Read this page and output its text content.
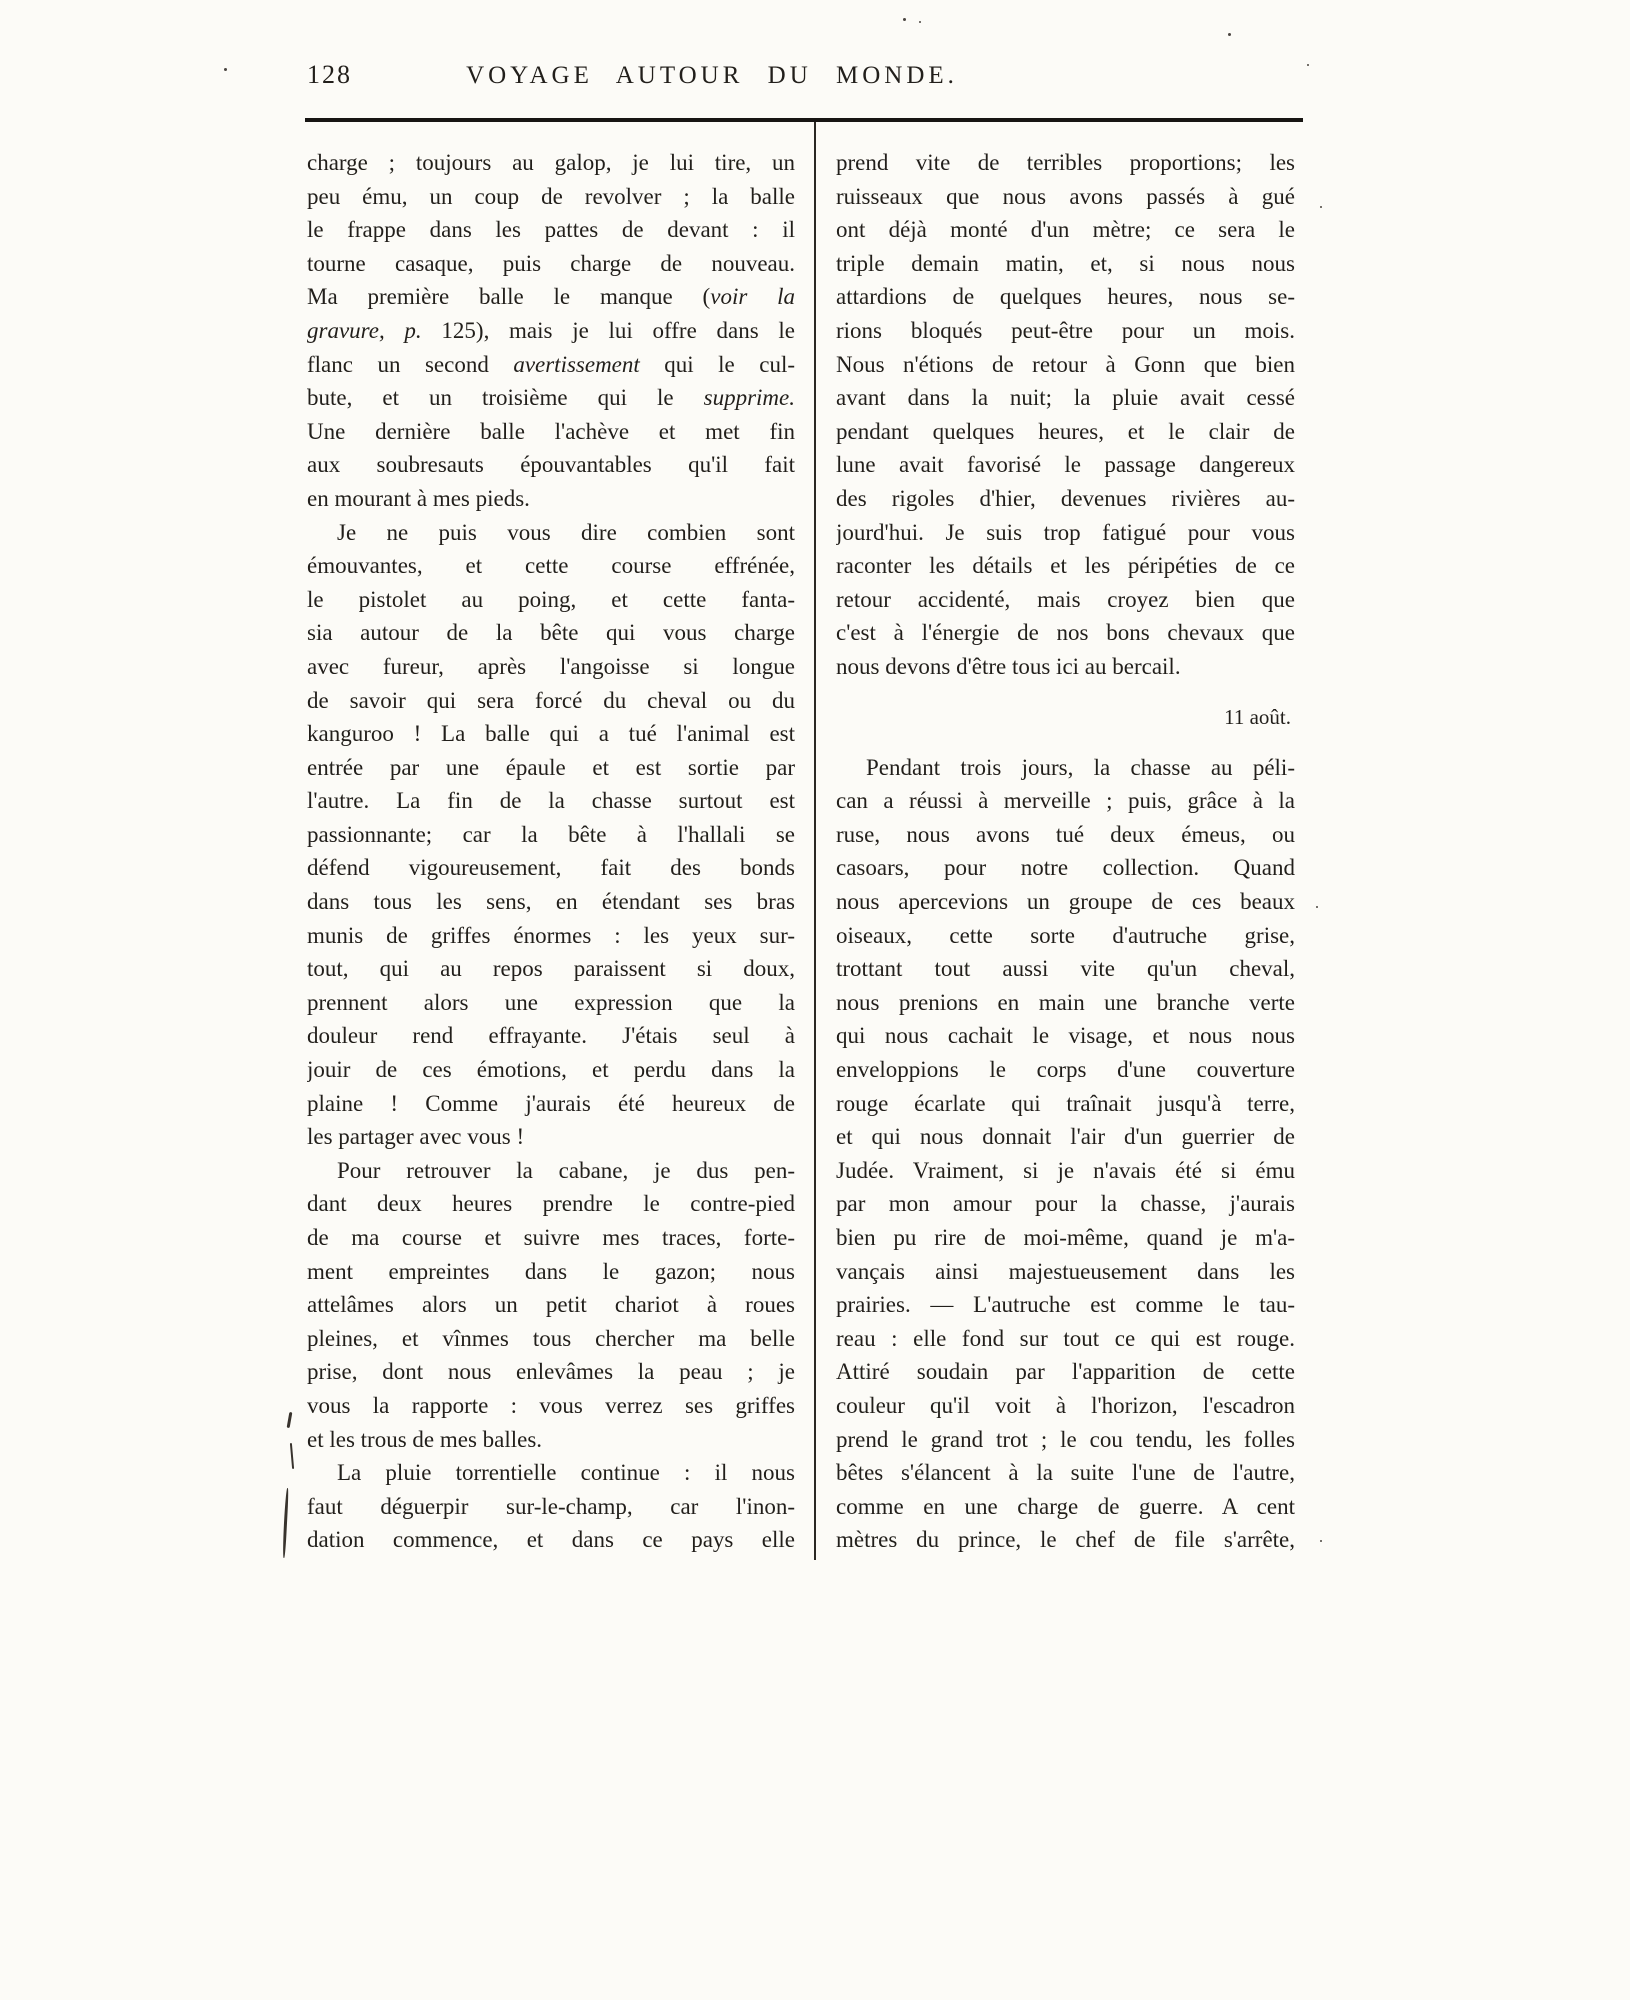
128	VOYAGE AUTOUR DU MONDE.
charge ; toujours au galop, je lui tire, un
peu ému, un coup de revolver ; la balle
le frappe dans les pattes de devant : il
tourne casaque, puis charge de nouveau.
Ma première balle le manque (voir la
gravure, p. 125), mais je lui offre dans le
flanc un second avertissement qui le cul-
bute, et un troisième qui le supprime.
Une dernière balle l'achève et met fin
aux soubresauts épouvantables qu'il fait
en mourant à mes pieds.
Je ne puis vous dire combien sont
émouvantes, et cette course effrénée,
le pistolet au poing, et cette fanta-
sia autour de la bête qui vous charge
avec fureur, après l'angoisse si longue
de savoir qui sera forcé du cheval ou du
kanguroo ! La balle qui a tué l'animal est
entrée par une épaule et est sortie par
l'autre. La fin de la chasse surtout est
passionnante; car la bête à l'hallali se
défend vigoureusement, fait des bonds
dans tous les sens, en étendant ses bras
munis de griffes énormes : les yeux sur-
tout, qui au repos paraissent si doux,
prennent alors une expression que la
douleur rend effrayante. J'étais seul à
jouir de ces émotions, et perdu dans la
plaine ! Comme j'aurais été heureux de
les partager avec vous !
Pour retrouver la cabane, je dus pen-
dant deux heures prendre le contre-pied
de ma course et suivre mes traces, forte-
ment empreintes dans le gazon; nous
attelâmes alors un petit chariot à roues
pleines, et vînmes tous chercher ma belle
prise, dont nous enlevâmes la peau ; je
vous la rapporte : vous verrez ses griffes
et les trous de mes balles.
La pluie torrentielle continue : il nous
faut déguerpir sur-le-champ, car l'inon-
dation commence, et dans ce pays elle
prend vite de terribles proportions; les
ruisseaux que nous avons passés à gué
ont déjà monté d'un mètre; ce sera le
triple demain matin, et, si nous nous
attardions de quelques heures, nous se-
rions bloqués peut-être pour un mois.
Nous n'étions de retour à Gonn que bien
avant dans la nuit; la pluie avait cessé
pendant quelques heures, et le clair de
lune avait favorisé le passage dangereux
des rigoles d'hier, devenues rivières au-
jourd'hui. Je suis trop fatigué pour vous
raconter les détails et les péripéties de ce
retour accidenté, mais croyez bien que
c'est à l'énergie de nos bons chevaux que
nous devons d'être tous ici au bercail.
11 août.
Pendant trois jours, la chasse au péli-
can a réussi à merveille ; puis, grâce à la
ruse, nous avons tué deux émeus, ou
casoars, pour notre collection. Quand
nous apercevions un groupe de ces beaux
oiseaux, cette sorte d'autruche grise,
trottant tout aussi vite qu'un cheval,
nous prenions en main une branche verte
qui nous cachait le visage, et nous nous
enveloppions le corps d'une couverture
rouge écarlate qui traînait jusqu'à terre,
et qui nous donnait l'air d'un guerrier de
Judée. Vraiment, si je n'avais été si ému
par mon amour pour la chasse, j'aurais
bien pu rire de moi-même, quand je m'a-
vançais ainsi majestueusement dans les
prairies. — L'autruche est comme le tau-
reau : elle fond sur tout ce qui est rouge.
Attiré soudain par l'apparition de cette
couleur qu'il voit à l'horizon, l'escadron
prend le grand trot ; le cou tendu, les folles
bêtes s'élancent à la suite l'une de l'autre,
comme en une charge de guerre. A cent
mètres du prince, le chef de file s'arrête,
